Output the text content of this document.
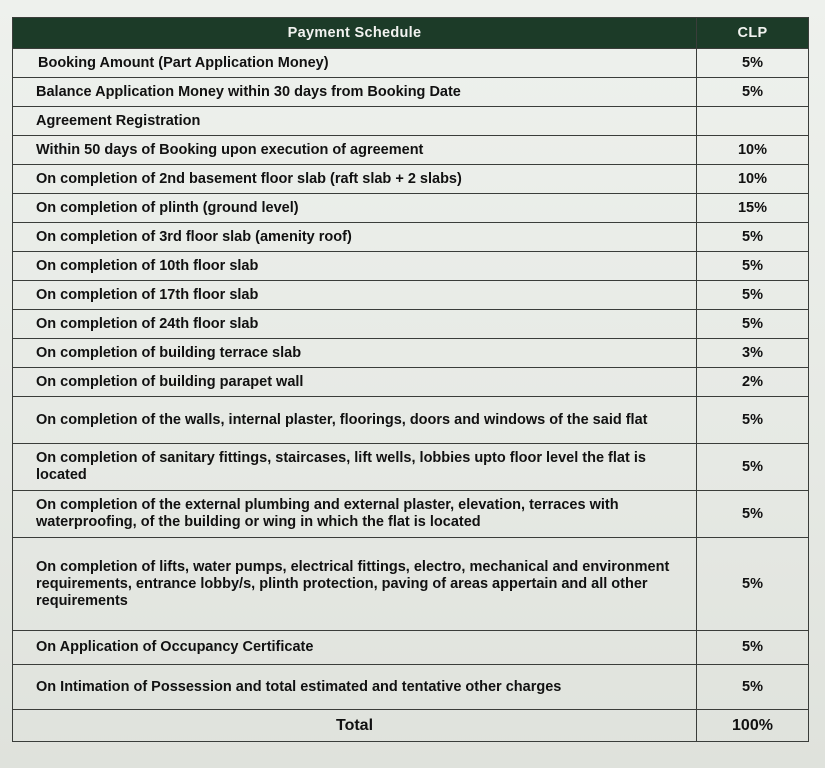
Payment Schedule	CLP
Booking Amount (Part Application Money)	5%
Balance Application Money within 30 days from Booking Date	5%
Agreement Registration	
Within 50 days of Booking upon execution of agreement	10%
On completion of 2nd basement floor slab (raft slab + 2 slabs)	10%
On completion of plinth (ground level)	15%
On completion of 3rd floor slab (amenity roof)	5%
On completion of 10th floor slab	5%
On completion of 17th floor slab	5%
On completion of 24th floor slab	5%
On completion of building terrace slab	3%
On completion of building parapet wall	2%
On completion of the walls, internal plaster, floorings, doors and windows of the said flat	5%
On completion of sanitary fittings, staircases, lift wells, lobbies upto floor level the flat is located	5%
On completion of the external plumbing and external plaster, elevation, terraces with waterproofing, of the building or wing in which the flat is located	5%
On completion of lifts, water pumps, electrical fittings, electro, mechanical and environment requirements, entrance lobby/s, plinth protection, paving of areas appertain and all other requirements	5%
On Application of Occupancy Certificate	5%
On Intimation of Possession and total estimated and tentative other charges	5%
Total	100%
